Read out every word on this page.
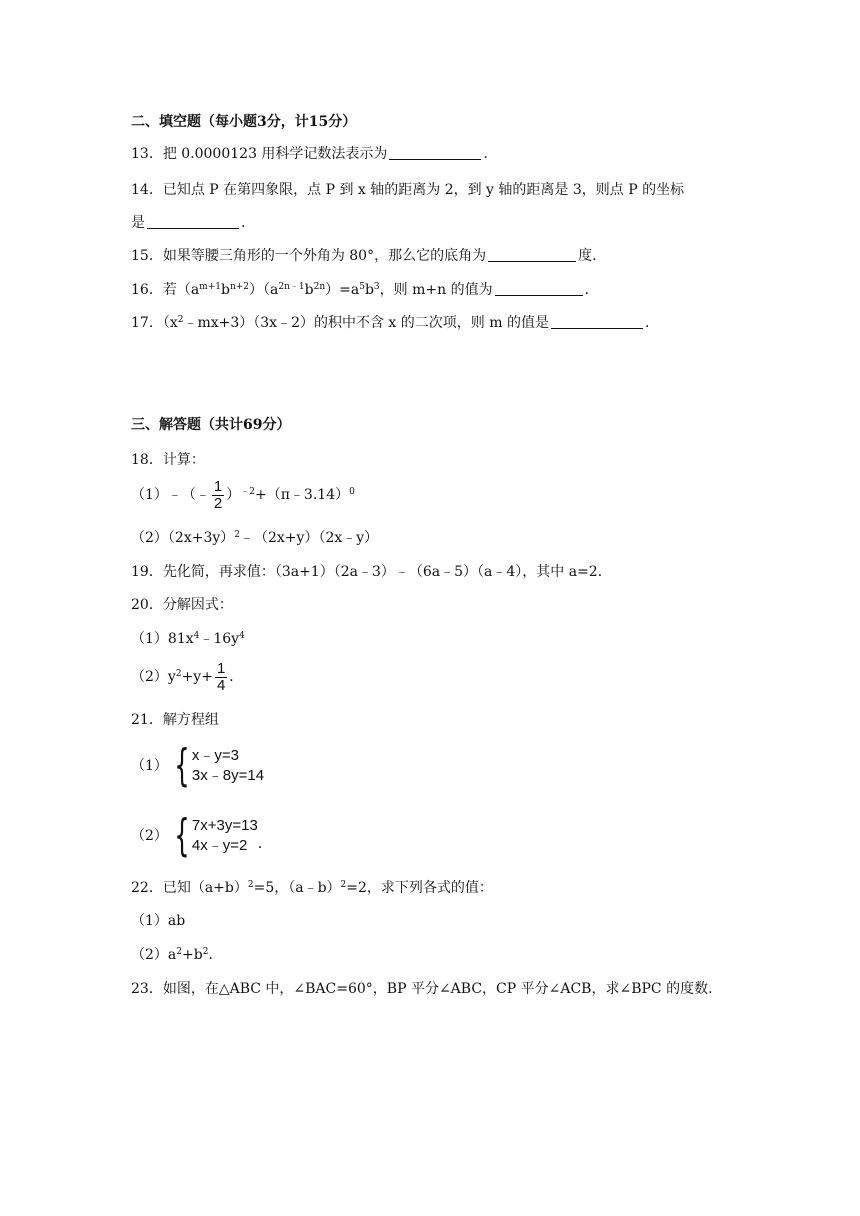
二、填空题（每小题3分，计15分）
13．把 0.0000123 用科学记数法表示为	．
14．已知点 P 在第四象限，点 P 到 x 轴的距离为 2，到 y 轴的距离是 3，则点 P 的坐标
是	．
15．如果等腰三角形的一个外角为 80°，那么它的底角为	度．
16．若$(a^{m+1}b^{n+2})(a^{2n﹣1}b^{2n})=a^5b^3$，则 m+n 的值为	．
17．$(x^2﹣mx+3)(3x﹣2)$的积中不含 x 的二次项，则 m 的值是	．
三、解答题（共计69分）
18．计算：
（1）﹣（﹣ $\frac{1}{2}$ ）$^{﹣2}$+（π﹣3.14）$^0$
$(2)(2x+3y)^2﹣(2x+y)(2x﹣y)$
19．先化简，再求值：（3a+1）（2a﹣3）﹣（6a﹣5）（a﹣4），其中 a=2．
20．分解因式：
$(1)81x^4﹣16y^4$
$(2)y^2+y+ \frac{1}{4}$ ．
21．解方程组
（1） { x﹣y=3
3x﹣8y=14
（2） { 7x+3y=13
4x﹣y=2 ．
22．已知$(a+b)^2=5$，（a﹣b）$^2$=2，求下列各式的值：
（1）ab
$(2)a^2+b^2$．
23．如图，在△ABC 中，∠BAC=60°，BP 平分∠ABC，CP 平分∠ACB，求∠BPC 的度数．
